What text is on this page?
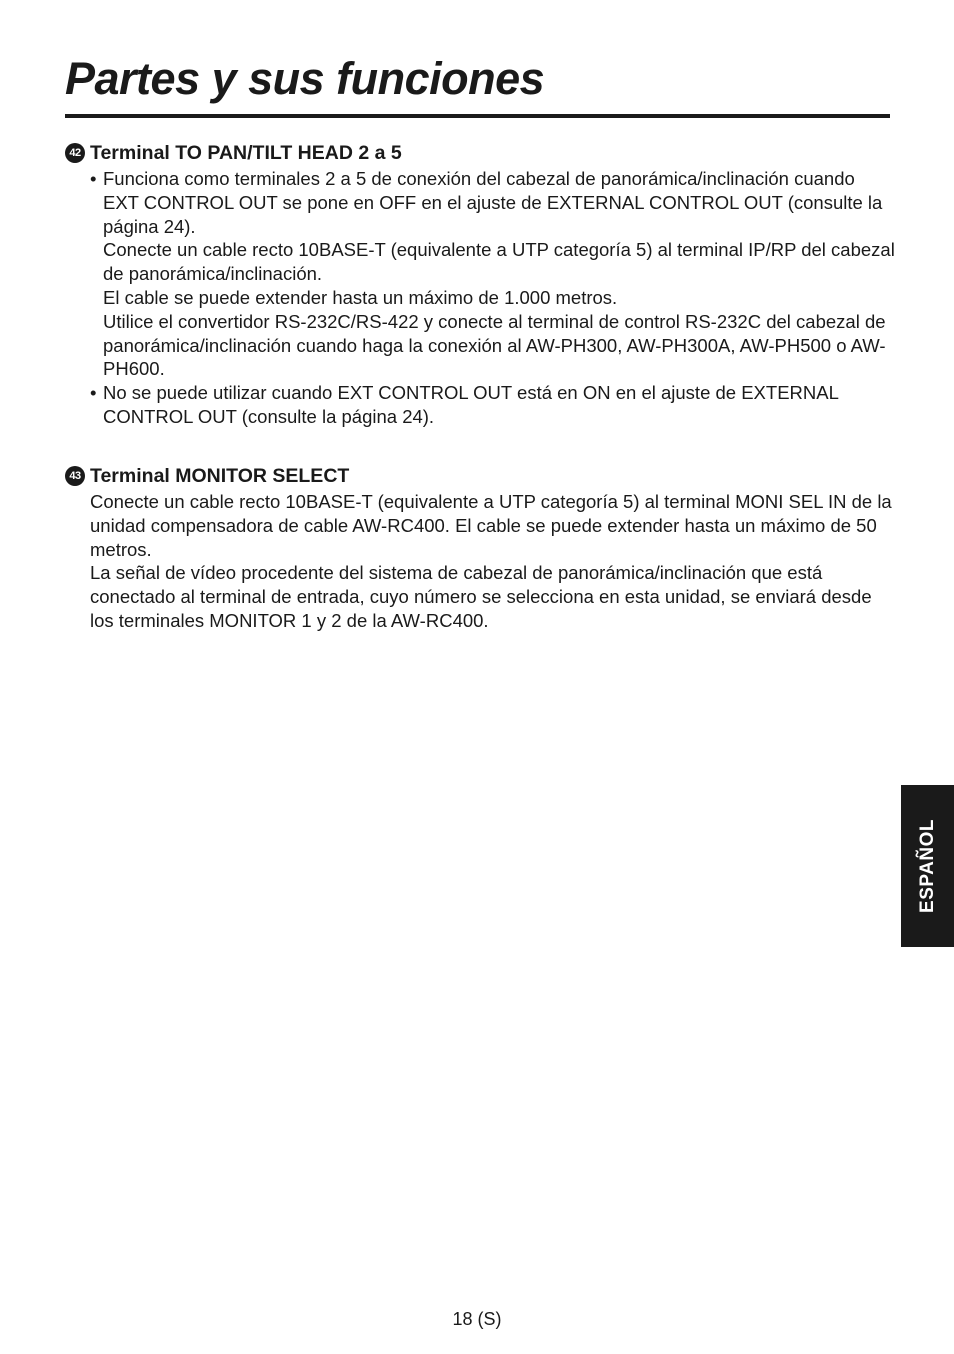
Partes y sus funciones
42 Terminal TO PAN/TILT HEAD 2 a 5

• Funciona como terminales 2 a 5 de conexión del cabezal de panorámica/inclinación cuando EXT CONTROL OUT se pone en OFF en el ajuste de EXTERNAL CONTROL OUT (consulte la página 24).

Conecte un cable recto 10BASE-T (equivalente a UTP categoría 5) al terminal IP/RP del cabezal de panorámica/inclinación.

El cable se puede extender hasta un máximo de 1.000 metros.

Utilice el convertidor RS-232C/RS-422 y conecte al terminal de control RS-232C del cabezal de panorámica/inclinación cuando haga la conexión al AW-PH300, AW-PH300A, AW-PH500 o AW-PH600.

• No se puede utilizar cuando EXT CONTROL OUT está en ON en el ajuste de EXTERNAL CONTROL OUT (consulte la página 24).

43 Terminal MONITOR SELECT

Conecte un cable recto 10BASE-T (equivalente a UTP categoría 5) al terminal MONI SEL IN de la unidad compensadora de cable AW-RC400. El cable se puede extender hasta un máximo de 50 metros.

La señal de vídeo procedente del sistema de cabezal de panorámica/inclinación que está conectado al terminal de entrada, cuyo número se selecciona en esta unidad, se enviará desde los terminales MONITOR 1 y 2 de la AW-RC400.

ESPAÑOL
18 (S)
